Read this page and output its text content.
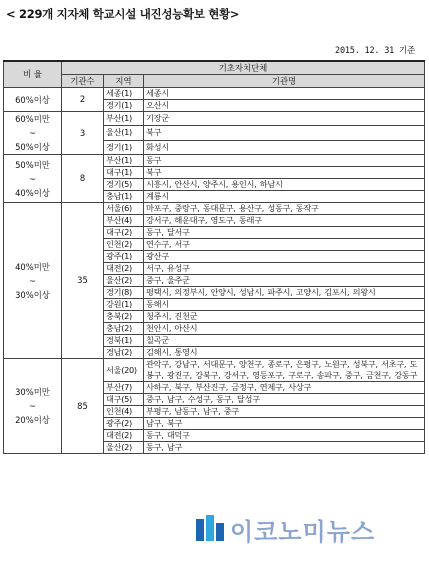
< 229개 지자체 학교시설 내진성능확보 현황>
2015. 12. 31 기준
비 율	기초자치단체		
	기관수	지역	기관명
60%이상	2	세종(1)	세종시
		경기(1)	오산시
60%미만
~
50%이상	3	부산(1)	기장군
		울산(1)	북구
		경기(1)	화성시
50%미만
~
40%이상	8	부산(1)	동구
		대구(1)	북구
		경기(5)	시흥시, 안산시, 양주시, 용인시, 하남시
		충남(1)	계룡시
40%미만
~
30%이상	35	서울(6)	마포구, 중랑구, 동대문구, 용산구, 성동구, 동작구
		부산(4)	강서구, 해운대구, 영도구, 동래구
		대구(2)	동구, 달서구
		인천(2)	연수구, 서구
		광주(1)	광산구
		대전(2)	서구, 유성구
		울산(2)	중구, 울주군
		경기(8)	평택시, 의정부시, 안양시, 성남시, 파주시, 고양시, 김포시, 의왕시
		강원(1)	동해시
		충북(2)	청주시, 진천군
		충남(2)	천안시, 아산시
		경북(1)	칠곡군
		경남(2)	김해시, 통영시
30%미만
~
20%이상	85	서울(20)	관악구, 강남구, 서대문구, 양천구, 종로구, 은평구, 노원구, 성북구, 서초구, 도봉구, 광진구, 강북구, 강서구, 영등포구, 구로구, 송파구, 중구, 금천구, 강동구
		부산(7)	사하구, 북구, 부산진구, 금정구, 연제구, 사상구
		대구(5)	중구, 남구, 수성구, 동구, 달성구
		인천(4)	부평구, 남동구, 남구, 중구
		광주(2)	남구, 북구
		대전(2)	동구, 대덕구
		울산(2)	동구, 남구
이코노미뉴스
